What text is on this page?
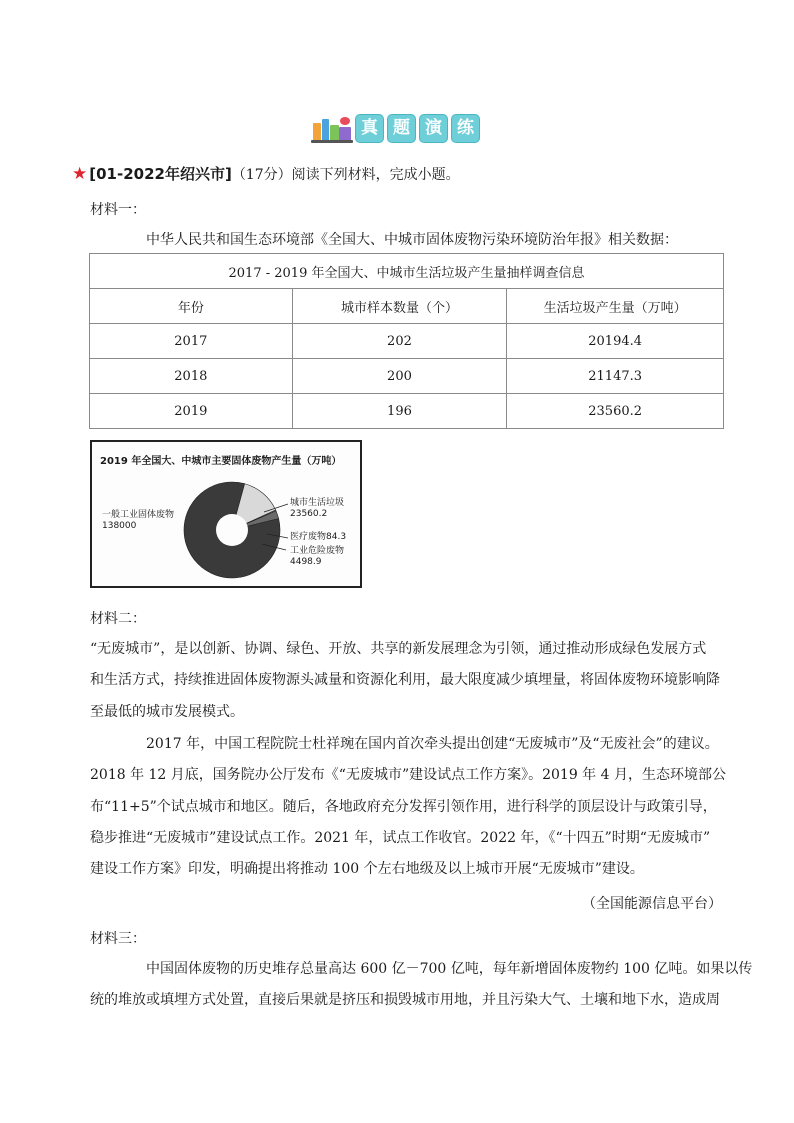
真 题 演 练
★ [01-2022年绍兴市] （17分）阅读下列材料，完成小题。
材料一：
中华人民共和国生态环境部《全国大、中城市固体废物污染环境防治年报》相关数据：
2017 - 2019 年全国大、中城市生活垃圾产生量抽样调查信息		
年份	城市样本数量（个）	生活垃圾产生量（万吨）
2017	202	20194.4
2018	200	21147.3
2019	196	23560.2
2019 年全国大、中城市主要固体废物产生量（万吨）
一般工业固体废物
138000
城市生活垃圾
23560.2
医疗废物84.3
工业危险废物
4498.9
材料二：
“无废城市”，是以创新、协调、绿色、开放、共享的新发展理念为引领，通过推动形成绿色发展方式
和生活方式，持续推进固体废物源头减量和资源化利用，最大限度减少填埋量，将固体废物环境影响降
至最低的城市发展模式。
2017 年，中国工程院院士杜祥琬在国内首次牵头提出创建“无废城市”及“无废社会”的建议。
2018 年 12 月底，国务院办公厅发布《“无废城市”建设试点工作方案》。2019 年 4 月，生态环境部公
布“11+5”个试点城市和地区。随后，各地政府充分发挥引领作用，进行科学的顶层设计与政策引导，
稳步推进“无废城市”建设试点工作。2021 年，试点工作收官。2022 年，《“十四五”时期“无废城市”
建设工作方案》印发，明确提出将推动 100 个左右地级及以上城市开展“无废城市”建设。
（全国能源信息平台）
材料三：
中国固体废物的历史堆存总量高达 600 亿－700 亿吨，每年新增固体废物约 100 亿吨。如果以传
统的堆放或填埋方式处置，直接后果就是挤压和损毁城市用地，并且污染大气、土壤和地下水，造成周
